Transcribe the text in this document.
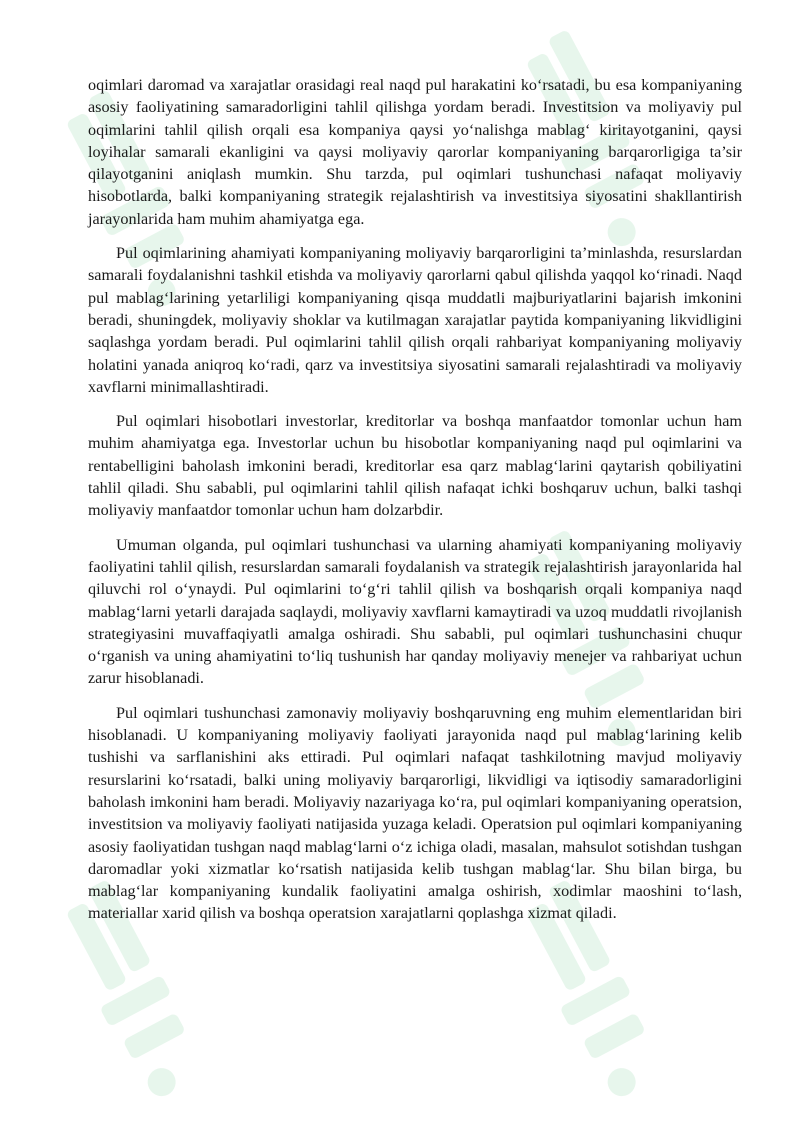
oqimlari daromad va xarajatlar orasidagi real naqd pul harakatini ko‘rsatadi, bu esa kompaniyaning asosiy faoliyatining samaradorligini tahlil qilishga yordam beradi. Investitsion va moliyaviy pul oqimlarini tahlil qilish orqali esa kompaniya qaysi yo‘nalishga mablag‘ kiritayotganini, qaysi loyihalar samarali ekanligini va qaysi moliyaviy qarorlar kompaniyaning barqarorligiga ta’sir qilayotganini aniqlash mumkin. Shu tarzda, pul oqimlari tushunchasi nafaqat moliyaviy hisobotlarda, balki kompaniyaning strategik rejalashtirish va investitsiya siyosatini shakllantirish jarayonlarida ham muhim ahamiyatga ega.

Pul oqimlarining ahamiyati kompaniyaning moliyaviy barqarorligini ta’minlashda, resurslardan samarali foydalanishni tashkil etishda va moliyaviy qarorlarni qabul qilishda yaqqol ko‘rinadi. Naqd pul mablag‘larining yetarliligi kompaniyaning qisqa muddatli majburiyatlarini bajarish imkonini beradi, shuningdek, moliyaviy shoklar va kutilmagan xarajatlar paytida kompaniyaning likvidligini saqlashga yordam beradi. Pul oqimlarini tahlil qilish orqali rahbariyat kompaniyaning moliyaviy holatini yanada aniqroq ko‘radi, qarz va investitsiya siyosatini samarali rejalashtiradi va moliyaviy xavflarni minimallashtiradi.

Pul oqimlari hisobotlari investorlar, kreditorlar va boshqa manfaatdor tomonlar uchun ham muhim ahamiyatga ega. Investorlar uchun bu hisobotlar kompaniyaning naqd pul oqimlarini va rentabelligini baholash imkonini beradi, kreditorlar esa qarz mablag‘larini qaytarish qobiliyatini tahlil qiladi. Shu sababli, pul oqimlarini tahlil qilish nafaqat ichki boshqaruv uchun, balki tashqi moliyaviy manfaatdor tomonlar uchun ham dolzarbdir.

Umuman olganda, pul oqimlari tushunchasi va ularning ahamiyati kompaniyaning moliyaviy faoliyatini tahlil qilish, resurslardan samarali foydalanish va strategik rejalashtirish jarayonlarida hal qiluvchi rol o‘ynaydi. Pul oqimlarini to‘g‘ri tahlil qilish va boshqarish orqali kompaniya naqd mablag‘larni yetarli darajada saqlaydi, moliyaviy xavflarni kamaytiradi va uzoq muddatli rivojlanish strategiyasini muvaffaqiyatli amalga oshiradi. Shu sababli, pul oqimlari tushunchasini chuqur o‘rganish va uning ahamiyatini to‘liq tushunish har qanday moliyaviy menejer va rahbariyat uchun zarur hisoblanadi.

Pul oqimlari tushunchasi zamonaviy moliyaviy boshqaruvning eng muhim elementlaridan biri hisoblanadi. U kompaniyaning moliyaviy faoliyati jarayonida naqd pul mablag‘larining kelib tushishi va sarflanishini aks ettiradi. Pul oqimlari nafaqat tashkilotning mavjud moliyaviy resurslarini ko‘rsatadi, balki uning moliyaviy barqarorligi, likvidligi va iqtisodiy samaradorligini baholash imkonini ham beradi. Moliyaviy nazariyaga ko‘ra, pul oqimlari kompaniyaning operatsion, investitsion va moliyaviy faoliyati natijasida yuzaga keladi. Operatsion pul oqimlari kompaniyaning asosiy faoliyatidan tushgan naqd mablag‘larni o‘z ichiga oladi, masalan, mahsulot sotishdan tushgan daromadlar yoki xizmatlar ko‘rsatish natijasida kelib tushgan mablag‘lar. Shu bilan birga, bu mablag‘lar kompaniyaning kundalik faoliyatini amalga oshirish, xodimlar maoshini to‘lash, materiallar xarid qilish va boshqa operatsion xarajatlarni qoplashga xizmat qiladi.
